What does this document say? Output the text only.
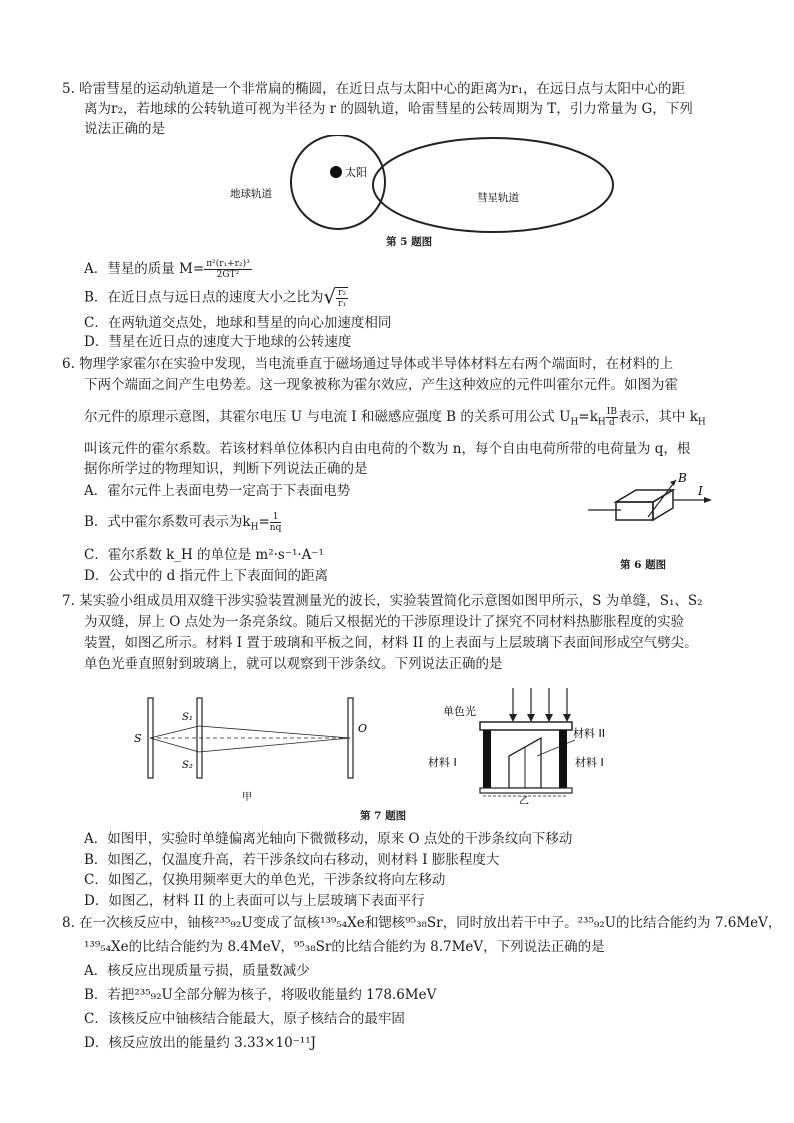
5. 哈雷彗星的运动轨道是一个非常扁的椭圆，在近日点与太阳中心的距离为r₁，在远日点与太阳中心的距
离为r₂，若地球的公转轨道可视为半径为 r 的圆轨道，哈雷彗星的公转周期为 T，引力常量为 G，下列
说法正确的是
太阳
地球轨道	彗星轨道
第 5 题图
A．彗星的质量 $M= \frac{\text{π²(r₁+r₂)³}}{\text{2GT²}}$
B．在近日点与远日点的速度大小之比为√ $\frac{\text{r₂}}{\text{r₁}}$
C．在两轨道交点处，地球和彗星的向心加速度相同
D．彗星在近日点的速度大于地球的公转速度
6. 物理学家霍尔在实验中发现，当电流垂直于磁场通过导体或半导体材料左右两个端面时，在材料的上
下两个端面之间产生电势差。这一现象被称为霍尔效应，产生这种效应的元件叫霍尔元件。如图为霍
尔元件的原理示意图，其霍尔电压 U 与电流 I 和磁感应强度 B 的关系可用公式 $U_H=k_H \frac{IB}{d}$ 表示，其中 $k_H$
叫该元件的霍尔系数。若该材料单位体积内自由电荷的个数为 n，每个自由电荷所带的电荷量为 q，根
据你所学过的物理知识，判断下列说法正确的是
A．霍尔元件上表面电势一定高于下表面电势
B．式中霍尔系数可表示为$k_H= \frac{1}{nq}$
C．霍尔系数 k_H 的单位是 m²·s⁻¹·A⁻¹
D．公式中的 d 指元件上下表面间的距离
B
I
第 6 题图
7. 某实验小组成员用双缝干涉实验装置测量光的波长，实验装置简化示意图如图甲所示，S 为单缝，S₁、S₂
为双缝，屏上 O 点处为一条亮条纹。随后又根据光的干涉原理设计了探究不同材料热膨胀程度的实验
装置，如图乙所示。材料 I 置于玻璃和平板之间，材料 II 的上表面与上层玻璃下表面间形成空气劈尖。
单色光垂直照射到玻璃上，就可以观察到干涉条纹。下列说法正确的是
S
S₁
S₂
O
甲
单色光
材料 II
材料 I	材料 I
乙
第 7 题图
A．如图甲，实验时单缝偏离光轴向下微微移动，原来 O 点处的干涉条纹向下移动
B．如图乙，仅温度升高，若干涉条纹向右移动，则材料 I 膨胀程度大
C．如图乙，仅换用频率更大的单色光，干涉条纹将向左移动
D．如图乙，材料 II 的上表面可以与上层玻璃下表面平行
8. 在一次核反应中，铀核²³⁵₉₂U变成了氙核¹³⁹₅₄Xe和锶核⁹⁵₃₈Sr，同时放出若干中子。²³⁵₉₂U的比结合能约为 7.6MeV，
¹³⁹₅₄Xe的比结合能约为 8.4MeV，⁹⁵₃₈Sr的比结合能约为 8.7MeV，下列说法正确的是
A．核反应出现质量亏损，质量数减少
B．若把²³⁵₉₂U全部分解为核子，将吸收能量约 178.6MeV
C．该核反应中铀核结合能最大，原子核结合的最牢固
D．核反应放出的能量约 3.33×10⁻¹¹J
